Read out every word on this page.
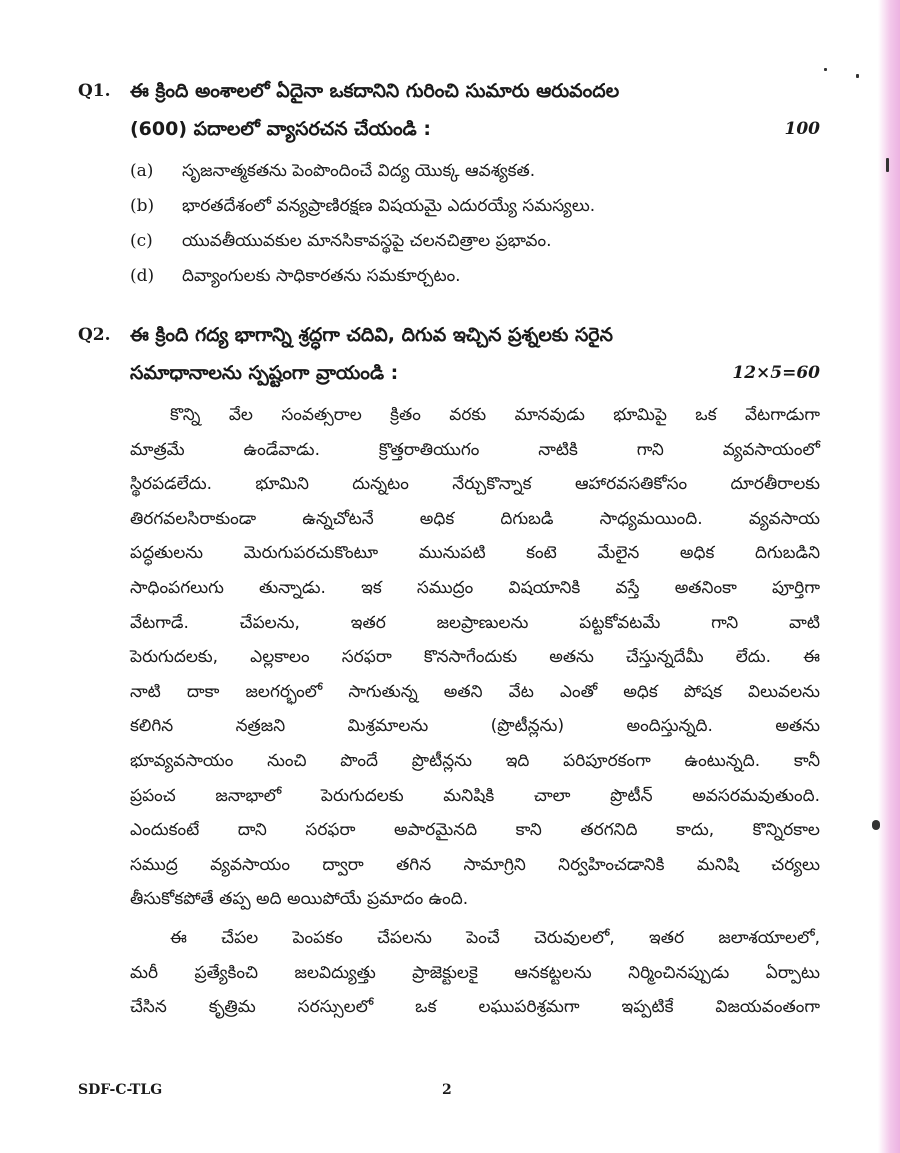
Q1. ఈ క్రింది అంశాలలో ఏదైనా ఒకదానిని గురించి సుమారు ఆరువందల
(600) పదాలలో వ్యాసరచన చేయండి :	100
(a)	సృజనాత్మకతను పెంపొందించే విద్య యొక్క ఆవశ్యకత.
(b)	భారతదేశంలో వన్యప్రాణిరక్షణ విషయమై ఎదురయ్యే సమస్యలు.
(c)	యువతీయువకుల మానసికావస్థపై చలనచిత్రాల ప్రభావం.
(d)	దివ్యాంగులకు సాధికారతను సమకూర్చటం.
Q2. ఈ క్రింది గద్య భాగాన్ని శ్రద్ధగా చదివి, దిగువ ఇచ్చిన ప్రశ్నలకు సరైన
సమాధానాలను స్పష్టంగా వ్రాయండి :	12×5=60
కొన్ని వేల సంవత్సరాల క్రితం వరకు మానవుడు భూమిపై ఒక వేటగాడుగా
మాత్రమే ఉండేవాడు. క్రొత్తరాతియుగం నాటికి గాని వ్యవసాయంలో
స్థిరపడలేదు. భూమిని దున్నటం నేర్చుకొన్నాక ఆహారవసతికోసం దూరతీరాలకు
తిరగవలసిరాకుండా ఉన్నచోటనే అధిక దిగుబడి సాధ్యమయింది. వ్యవసాయ
పద్ధతులను మెరుగుపరచుకొంటూ మునుపటి కంటె మేలైన అధిక దిగుబడిని
సాధింపగలుగు తున్నాడు. ఇక సముద్రం విషయానికి వస్తే అతనింకా పూర్తిగా
వేటగాడే. చేపలను, ఇతర జలప్రాణులను పట్టకోవటమే గాని వాటి
పెరుగుదలకు, ఎల్లకాలం సరఫరా కొనసాగేందుకు అతను చేస్తున్నదేమీ లేదు. ఈ
నాటి దాకా జలగర్భంలో సాగుతున్న అతని వేట ఎంతో అధిక పోషక విలువలను
కలిగిన నత్రజని మిశ్రమాలను (ప్రొటీన్లను) అందిస్తున్నది. అతను
భూవ్యవసాయం నుంచి పొందే ప్రొటీన్లను ఇది పరిపూరకంగా ఉంటున్నది. కానీ
ప్రపంచ జనాభాలో పెరుగుదలకు మనిషికి చాలా ప్రొటీన్ అవసరమవుతుంది.
ఎందుకంటే దాని సరఫరా అపారమైనది కాని తరగనిది కాదు, కొన్నిరకాల
సముద్ర వ్యవసాయం ద్వారా తగిన సామాగ్రిని నిర్వహించడానికి మనిషి చర్యలు
తీసుకోకపోతే తప్ప అది అయిపోయే ప్రమాదం ఉంది.
ఈ చేపల పెంపకం చేపలను పెంచే చెరువులలో, ఇతర జలాశయాలలో,
మరీ ప్రత్యేకించి జలవిద్యుత్తు ప్రాజెక్టులకై ఆనకట్టలను నిర్మించినప్పుడు ఏర్పాటు
చేసిన కృత్రిమ సరస్సులలో ఒక లఘుపరిశ్రమగా ఇప్పటికే విజయవంతంగా
SDF-C-TLG	2
